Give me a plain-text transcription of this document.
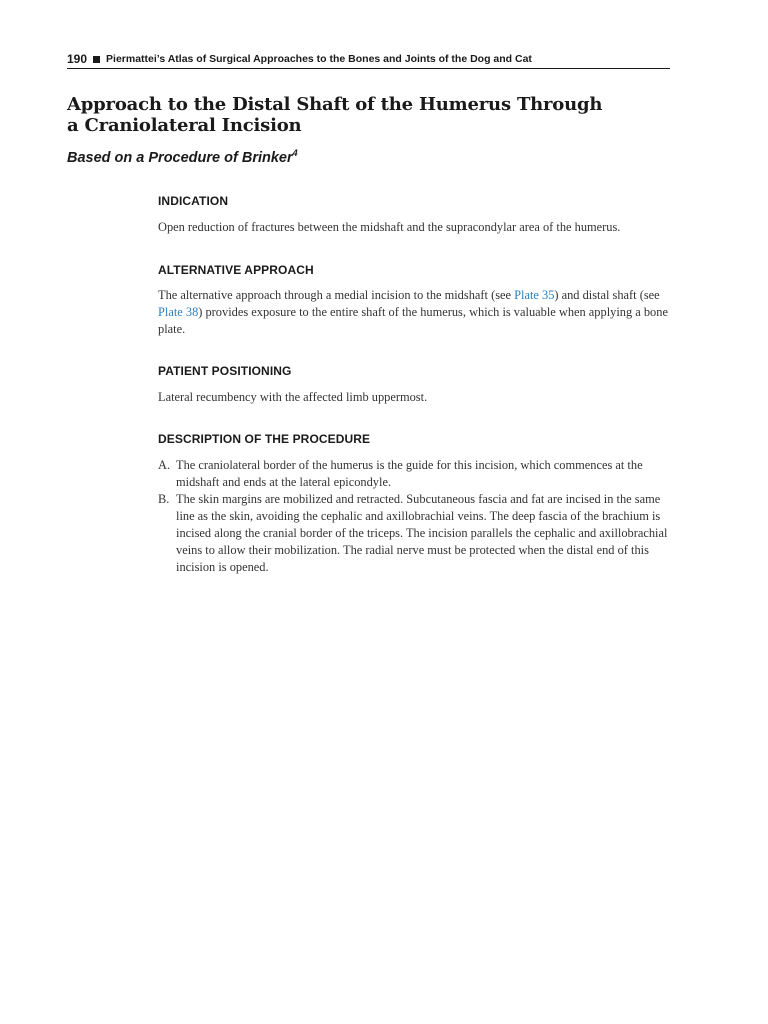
190 Piermattei’s Atlas of Surgical Approaches to the Bones and Joints of the Dog and Cat
Approach to the Distal Shaft of the Humerus Through
a Craniolateral Incision
Based on a Procedure of Brinker$^4$
INDICATION
Open reduction of fractures between the midshaft and the supracondylar area of the humerus.
ALTERNATIVE APPROACH
The alternative approach through a medial incision to the midshaft (see Plate 35) and distal shaft (see Plate 38) provides exposure to the entire shaft of the humerus, which is valuable when applying a bone plate.
PATIENT POSITIONING
Lateral recumbency with the affected limb uppermost.
DESCRIPTION OF THE PROCEDURE
A. The craniolateral border of the humerus is the guide for this incision, which commences at the midshaft and ends at the lateral epicondyle.
B. The skin margins are mobilized and retracted. Subcutaneous fascia and fat are incised in the same line as the skin, avoiding the cephalic and axillobrachial veins. The deep fascia of the brachium is incised along the cranial border of the triceps. The incision parallels the cephalic and axillobrachial veins to allow their mobilization. The radial nerve must be protected when the distal end of this incision is opened.
